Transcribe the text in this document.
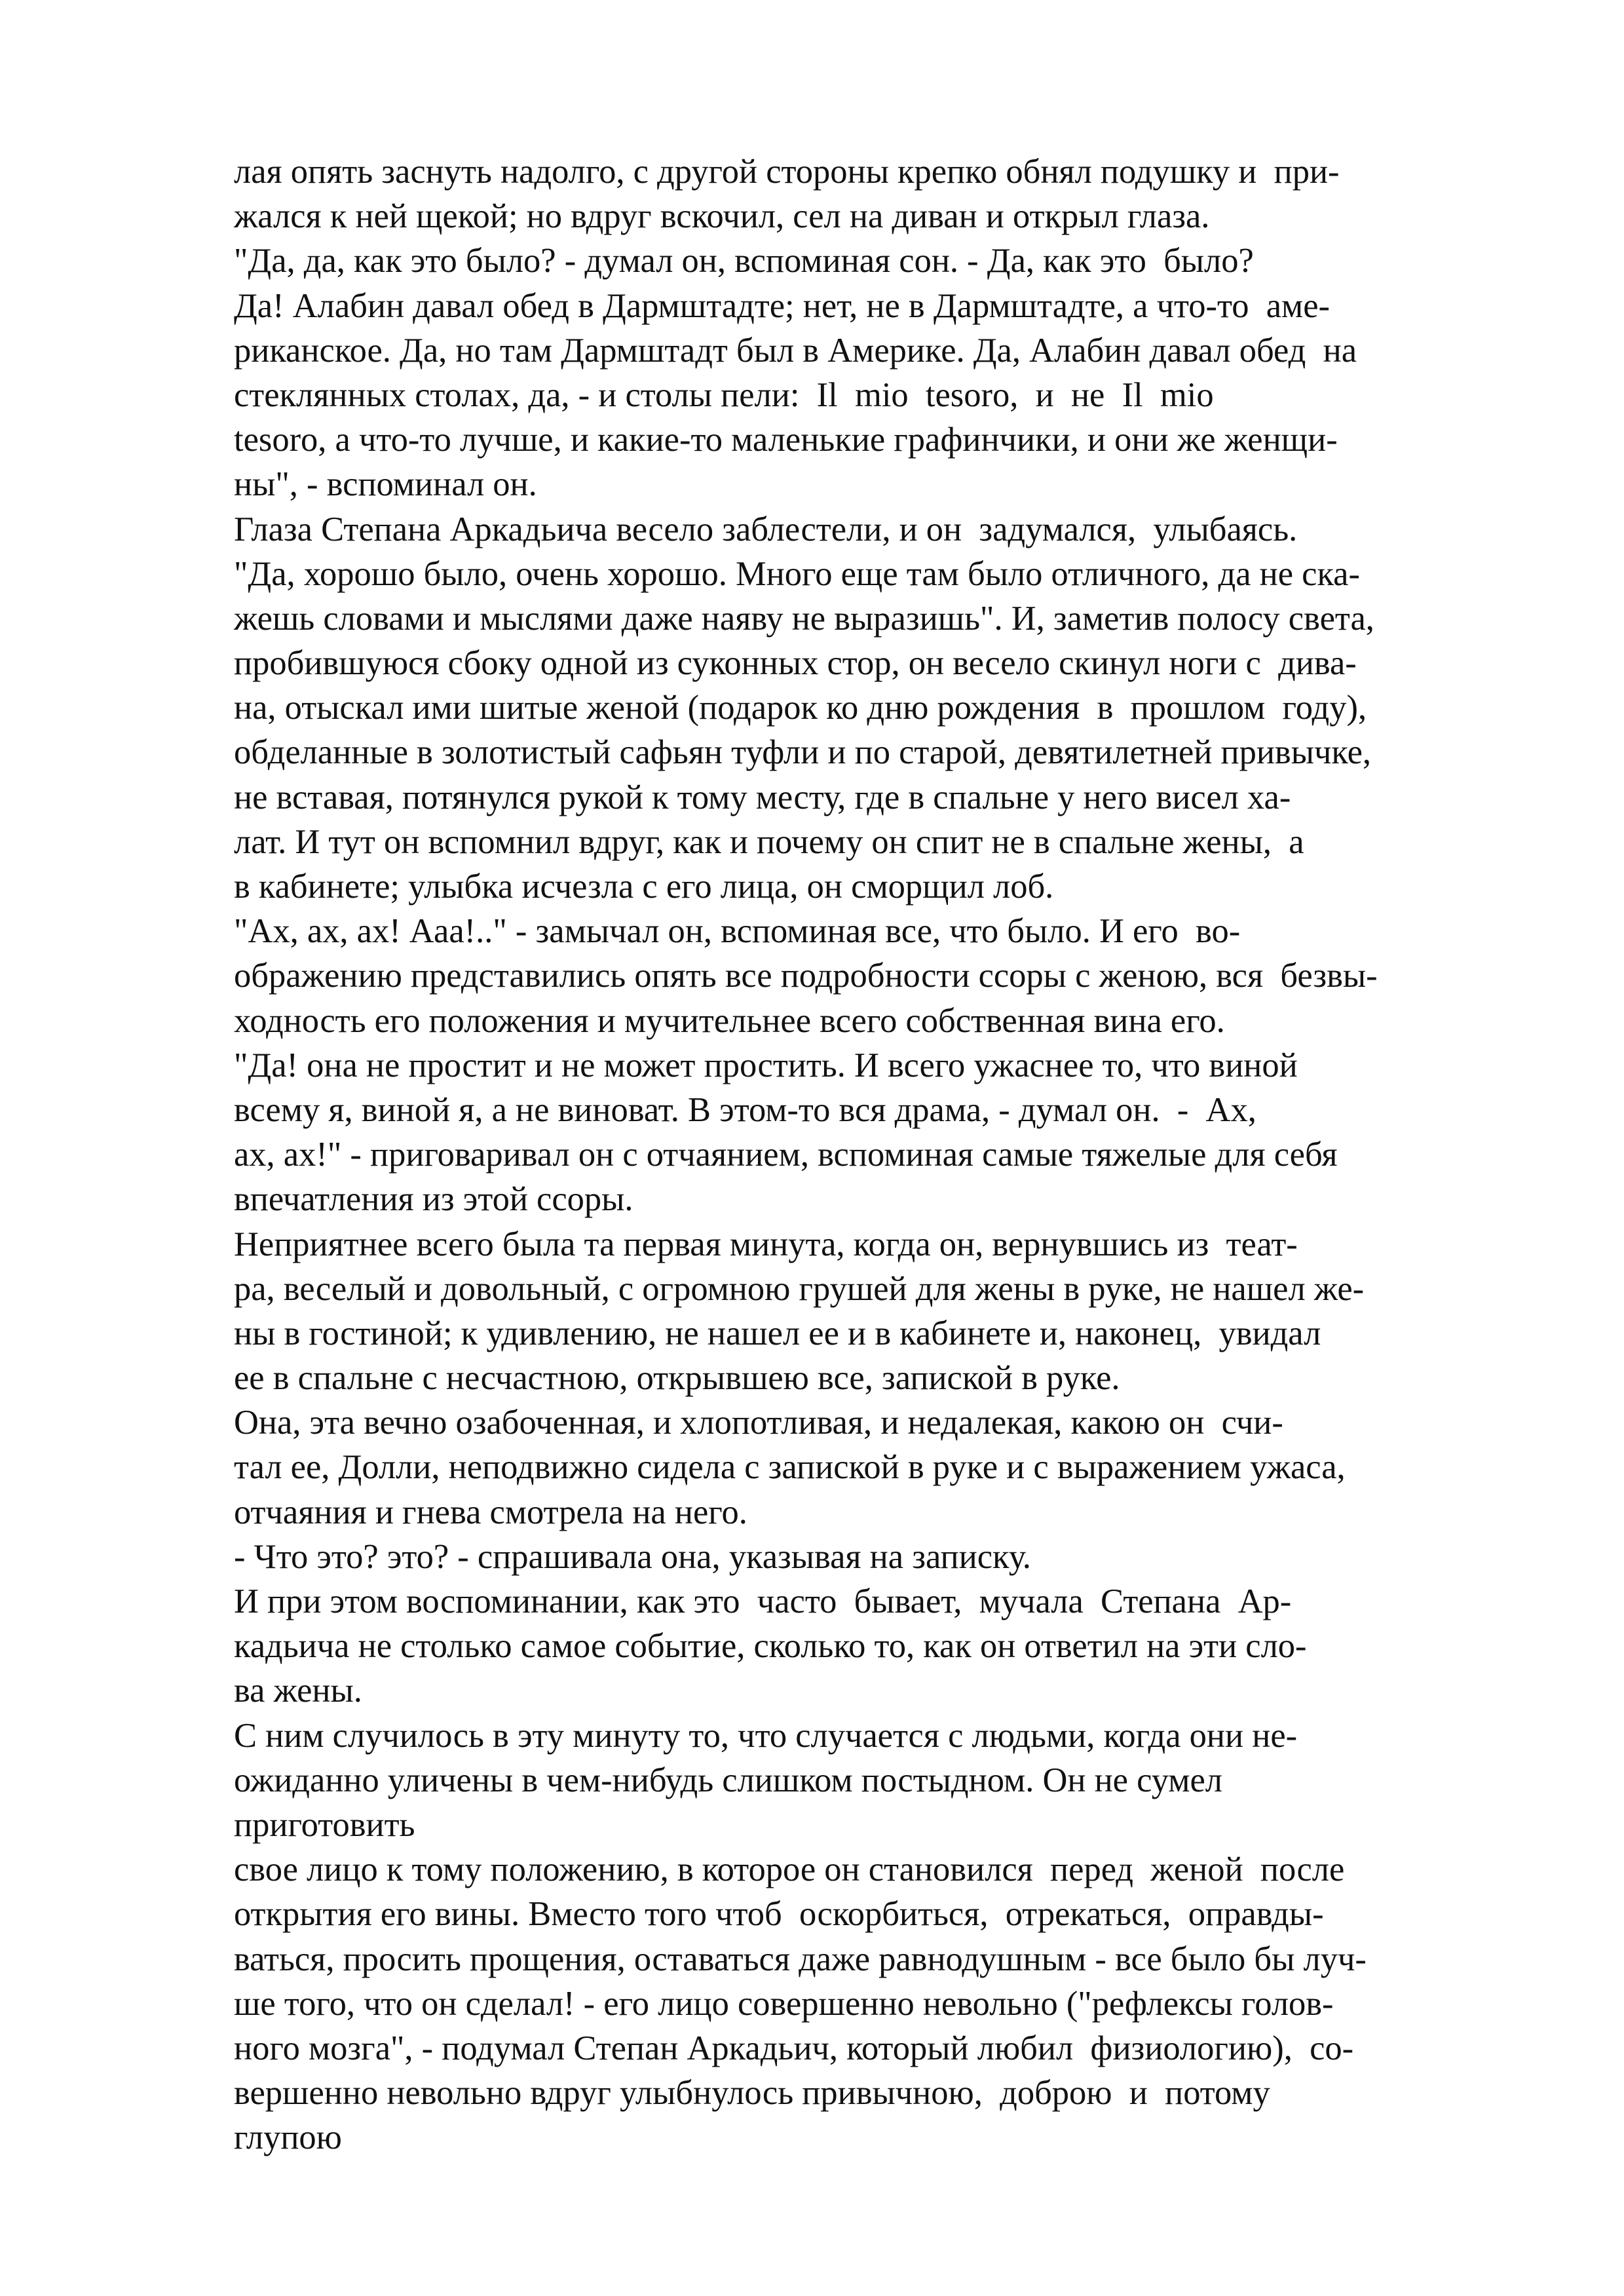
лая опять заснуть надолго, с другой стороны крепко обнял подушку и  при-
жался к ней щекой; но вдруг вскочил, сел на диван и открыл глаза.
"Да, да, как это было? - думал он, вспоминая сон. - Да, как это  было?
Да! Алабин давал обед в Дармштадте; нет, не в Дармштадте, а что-то  аме-
риканское. Да, но там Дармштадт был в Америке. Да, Алабин давал обед  на
стеклянных столах, да, - и столы пели:  Il  mio  tesoro,  и  не  Il  mio
tesoro, а что-то лучше, и какие-то маленькие графинчики, и они же женщи-
ны", - вспоминал он.
Глаза Степана Аркадьича весело заблестели, и он  задумался,  улыбаясь.
"Да, хорошо было, очень хорошо. Много еще там было отличного, да не ска-
жешь словами и мыслями даже наяву не выразишь". И, заметив полосу света,
пробившуюся сбоку одной из суконных стор, он весело скинул ноги с  дива-
на, отыскал ими шитые женой (подарок ко дню рождения  в  прошлом  году),
обделанные в золотистый сафьян туфли и по старой, девятилетней привычке,
не вставая, потянулся рукой к тому месту, где в спальне у него висел ха-
лат. И тут он вспомнил вдруг, как и почему он спит не в спальне жены,  а
в кабинете; улыбка исчезла с его лица, он сморщил лоб.
"Ах, ах, ах! Ааа!.." - замычал он, вспоминая все, что было. И его  во-
ображению представились опять все подробности ссоры с женою, вся  безвы-
ходность его положения и мучительнее всего собственная вина его.
"Да! она не простит и не может простить. И всего ужаснее то, что виной
всему я, виной я, а не виноват. В этом-то вся драма, - думал он.  -  Ах,
ах, ах!" - приговаривал он с отчаянием, вспоминая самые тяжелые для себя
впечатления из этой ссоры.
Неприятнее всего была та первая минута, когда он, вернувшись из  теат-
ра, веселый и довольный, с огромною грушей для жены в руке, не нашел же-
ны в гостиной; к удивлению, не нашел ее и в кабинете и, наконец,  увидал
ее в спальне с несчастною, открывшею все, запиской в руке.
Она, эта вечно озабоченная, и хлопотливая, и недалекая, какою он  счи-
тал ее, Долли, неподвижно сидела с запиской в руке и с выражением ужаса,
отчаяния и гнева смотрела на него.
- Что это? это? - спрашивала она, указывая на записку.
И при этом воспоминании, как это  часто  бывает,  мучала  Степана  Ар-
кадьича не столько самое событие, сколько то, как он ответил на эти сло-
ва жены.
С ним случилось в эту минуту то, что случается с людьми, когда они не-
ожиданно уличены в чем-нибудь слишком постыдном. Он не сумел
приготовить
свое лицо к тому положению, в которое он становился  перед  женой  после
открытия его вины. Вместо того чтоб  оскорбиться,  отрекаться,  оправды-
ваться, просить прощения, оставаться даже равнодушным - все было бы луч-
ше того, что он сделал! - его лицо совершенно невольно ("рефлексы голов-
ного мозга", - подумал Степан Аркадьич, который любил  физиологию),  со-
вершенно невольно вдруг улыбнулось привычною,  доброю  и  потому
глупою
